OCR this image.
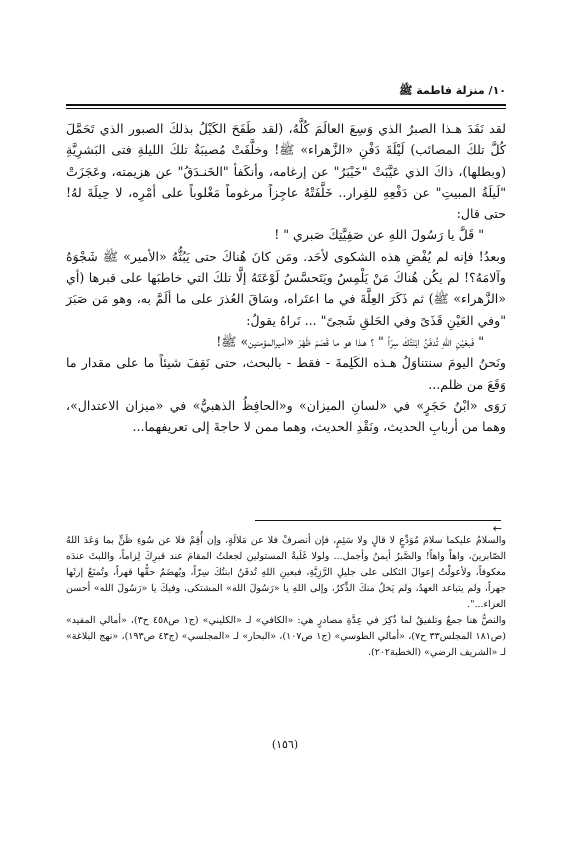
١٠/ منزلة فاطمة ﷺ

لقد نَفَدَ هـذا الصبرُ الذي وَسِعَ العالَمَ كُلَّهُ، (لقد طَفَحَ الكَيْلُ بذلكَ الصبور الذي تَحَمَّلَ كُلَّ تلكَ المصائب) لَيْلَةَ دَفْنِ «الزَّهراء» ﷺ! وخلَّفَتْ مُصيبَةُ تلكَ الليلةِ فتى البَشرِيَّةِ (وبطلها)، ذاكَ الذي عَيَّبَتْ "خَيْبَرُ" عن إرغامه، وأنكَفأ "الخَنـدَقُ" عن هزيمته، وعَجَزَتْ "لَيلَةُ المبيتِ" عن دَفْعِهِ للفِرار.. خَلَّفَتْهُ عاجِزاً مرغوماً مَغْلوباً على أمْرِه، لا حِيلَةَ لهُ! حتى قال:

" قَلَّ يا رَسُولَ اللهِ عن صَفِيَّتِكَ صَبري " !

وبعدُ! فإنه لم يُفْضِ هذه الشكوى لأحَد. ومَن كانَ هُناكَ حتى يَبُثُّهُ «الأمير» ﷺ شَجْوَهُ وآلامَهُ؟! لم يكُن هُناكَ مَنْ يَلْمِسُ ويَتَحسَّسُ لَوْعَتَهُ إلَّا تلكَ التي خاطبَها على قبرها (أي «الزَّهراء» ﷺ) ثم ذَكَرَ العِلَّةَ في ما اعتَراه، وسَاقَ العُذرَ على ما ألَمَّ به، وهو مَن صَبَرَ "وفي العَيْنِ قَذَىً وفي الحَلقِ شَجىً" ... نَراهُ يقولُ:

" فَبعَيْنِ اللهِ تُدفَنُ ابْنَتُكَ سِرّاً " ؟ هـذا هو ما قَصَمَ ظَهْرَ «أميرالمؤمنين» ﷺ!

ونَحنُ اليومَ سنتناوَلُ هـذه الكَلِمةَ - فقط - بالبحث، حتى نَقِفَ شيئاً ما على مقدار ما وَقَعَ من ظلم...

رَوَى «ابْنُ حَجَرٍ» في «لسانِ الميزان» و«الحافِظُ الذهبيُّ» في «ميزان الاعتدال»، وهما من أربابِ الحديث، ونَقْدِ الحديث، وهما ممن لا حاجةَ إلى تعريفهما...

←

والسلامُ عليكما سلامَ مُوَدِّعٍ لا قالٍ ولا سَئِمٍ، فإن أنصرفْ فلا عن مَلالَةٍ، وإن أُقِمْ فلا عن سُوءِ ظَنٍّ بما وَعَدَ اللهُ الصّابرينَ، واهاً واهاً! والصَّبرُ أيمنُ وأجمل... ولولا غَلَبةُ المستولين لجعلتُ المقامَ عند قبرِكَ لِزاماً، واللبثَ عندَه معكوفاً، ولأعولْتُ إعوالَ الثكلى على جليلِ الرَّزِيَّةِ، فبعينِ اللهِ تُدفَنُ ابنتُكَ سِرّاً، ويُهضَمُ حقُّها قهراً، وتُمنَعُ إرثَها جهراً، ولم يتباعد العهدُ، ولم يَخلُ منكَ الذِّكرُ، وإلى اللهِ يا «رَسُولَ الله» المشتكى، وفيكَ يا «رَسُولَ الله» أحسن العزاء...".

والنصُّ هنا جمعٌ وتلفيقٌ لما ذُكِرَ في عِدَّةِ مصادرٍ هي: «الكافي» لـ «الكليني» (ج١ ص٤٥٨ ح٣)، «أمالي المفيد» (ص١٨١ المجلس٣٣ ح٧)، «أمالي الطوسي» (ج١ ص١٠٧)، «البحار» لـ «المجلسي» (ج٤٣ ص١٩٣)، «نهج البلاغة» لـ «الشريف الرضي» (الخطبة٢٠٢).

(١٥٦)
